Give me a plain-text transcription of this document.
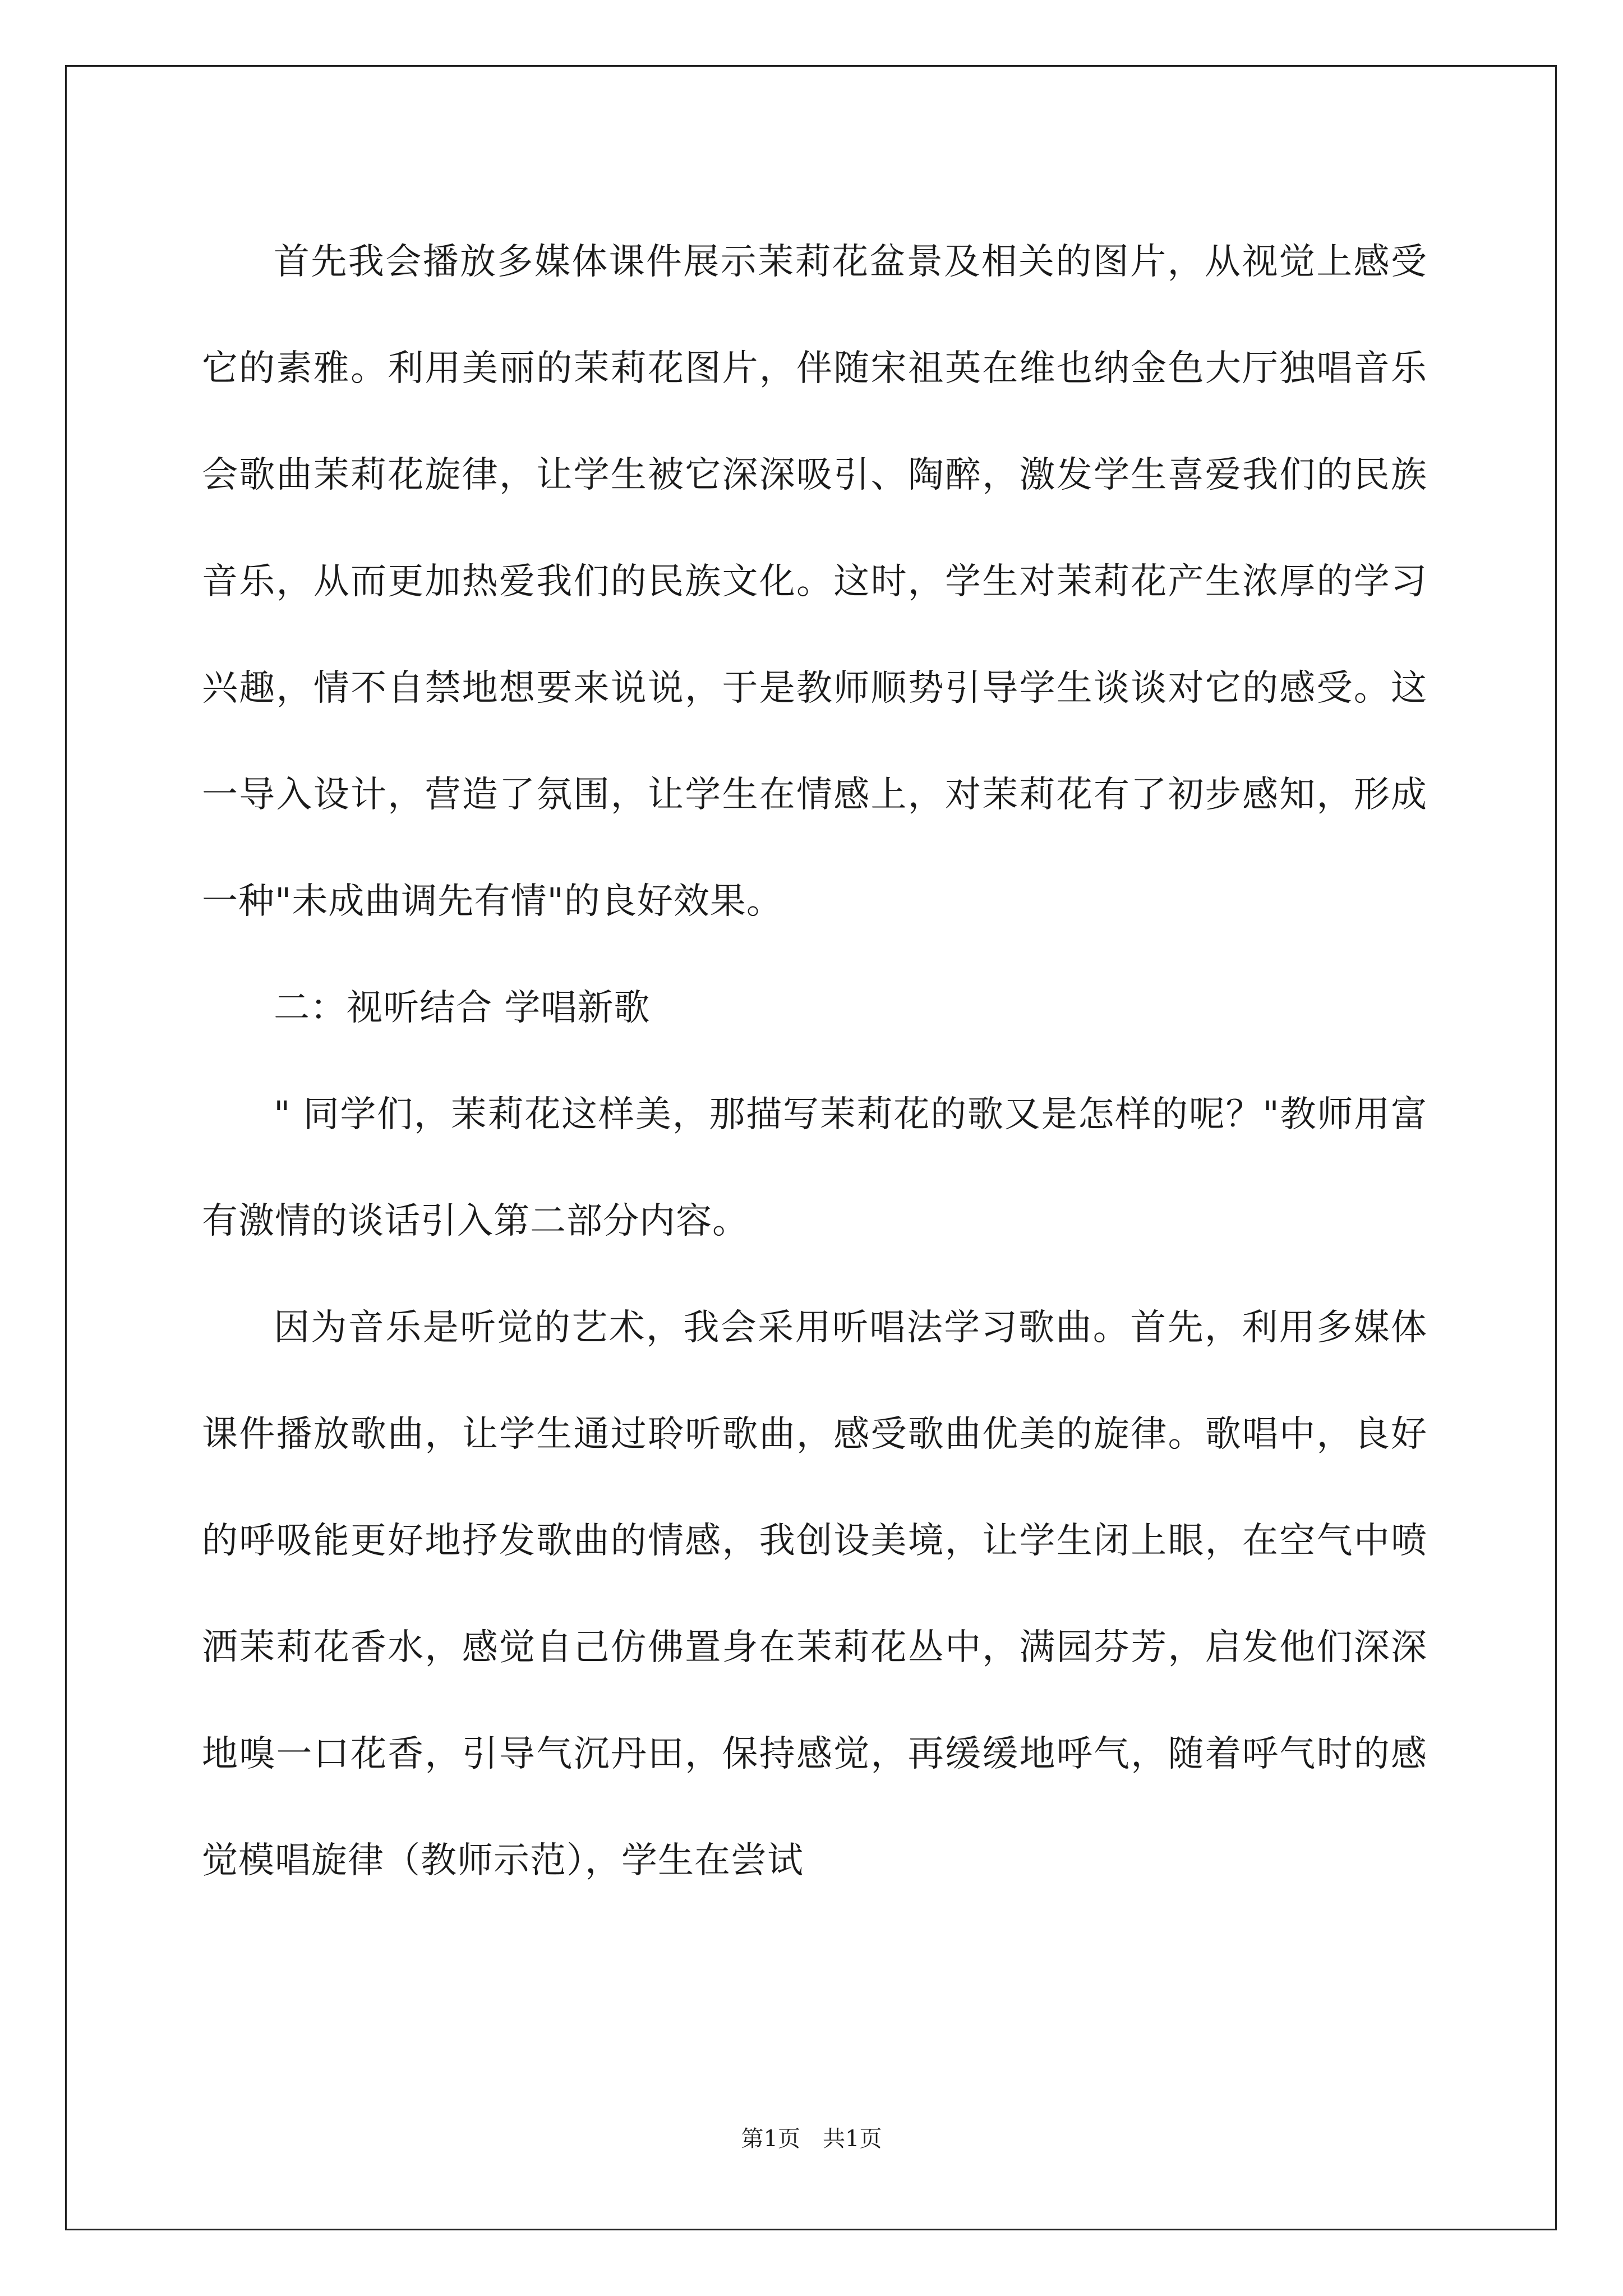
首先我会播放多媒体课件展示茉莉花盆景及相关的图片，从视觉上感受它的素雅。利用美丽的茉莉花图片，伴随宋祖英在维也纳金色大厅独唱音乐会歌曲茉莉花旋律，让学生被它深深吸引、陶醉，激发学生喜爱我们的民族音乐，从而更加热爱我们的民族文化。这时，学生对茉莉花产生浓厚的学习兴趣，情不自禁地想要来说说，于是教师顺势引导学生谈谈对它的感受。这一导入设计，营造了氛围，让学生在情感上，对茉莉花有了初步感知，形成一种"未成曲调先有情"的良好效果。

二：视听结合 学唱新歌

" 同学们，茉莉花这样美，那描写茉莉花的歌又是怎样的呢？"教师用富有激情的谈话引入第二部分内容。

因为音乐是听觉的艺术，我会采用听唱法学习歌曲。首先，利用多媒体课件播放歌曲，让学生通过聆听歌曲，感受歌曲优美的旋律。歌唱中，良好的呼吸能更好地抒发歌曲的情感，我创设美境，让学生闭上眼，在空气中喷洒茉莉花香水，感觉自己仿佛置身在茉莉花丛中，满园芬芳，启发他们深深地嗅一口花香，引导气沉丹田，保持感觉，再缓缓地呼气，随着呼气时的感觉模唱旋律（教师示范），学生在尝试

第1页 共1页
